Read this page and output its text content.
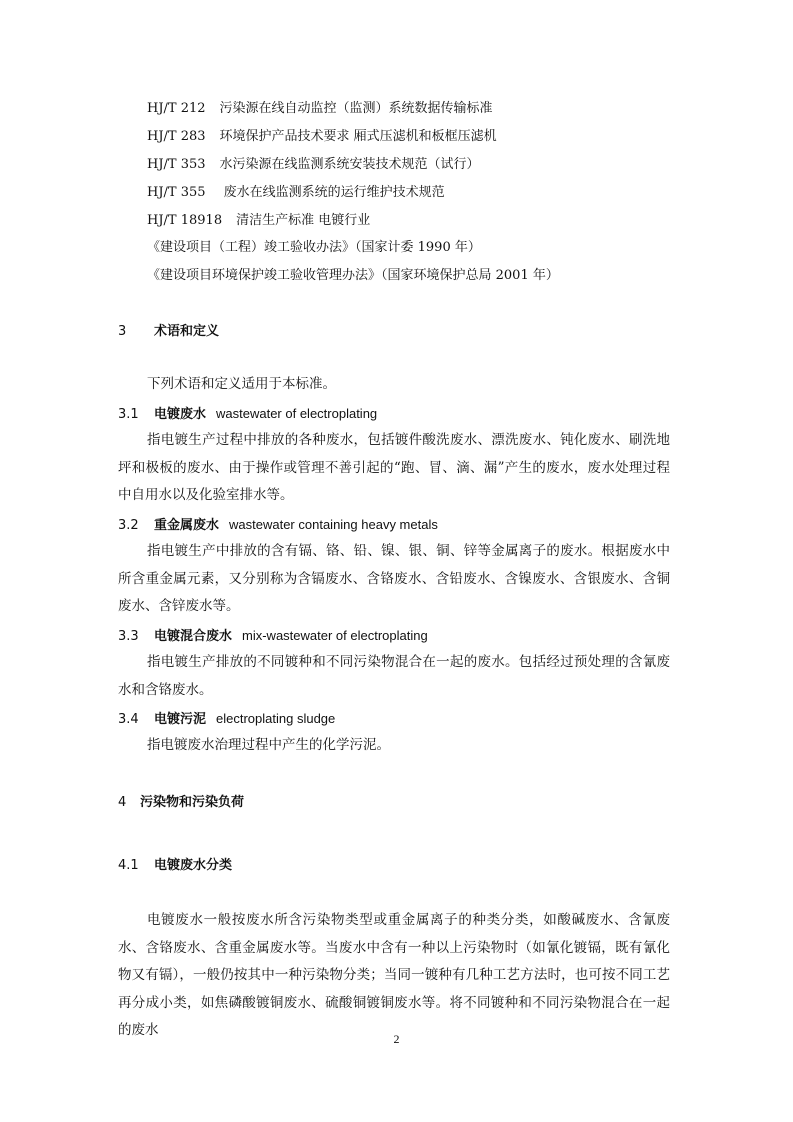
HJ/T 212 污染源在线自动监控（监测）系统数据传输标准
HJ/T 283 环境保护产品技术要求 厢式压滤机和板框压滤机
HJ/T 353 水污染源在线监测系统安装技术规范（试行）
HJ/T 355 废水在线监测系统的运行维护技术规范
HJ/T 18918 清洁生产标准 电镀行业
《建设项目（工程）竣工验收办法》（国家计委 1990 年）
《建设项目环境保护竣工验收管理办法》（国家环境保护总局 2001 年）
3 术语和定义

下列术语和定义适用于本标准。

3.1 电镀废水 wastewater of electroplating

指电镀生产过程中排放的各种废水，包括镀件酸洗废水、漂洗废水、钝化废水、刷洗地坪和极板的废水、由于操作或管理不善引起的“跑、冒、滴、漏”产生的废水，废水处理过程中自用水以及化验室排水等。

3.2 重金属废水 wastewater containing heavy metals

指电镀生产中排放的含有镉、铬、铅、镍、银、铜、锌等金属离子的废水。根据废水中所含重金属元素，又分别称为含镉废水、含铬废水、含铅废水、含镍废水、含银废水、含铜废水、含锌废水等。

3.3 电镀混合废水 mix-wastewater of electroplating

指电镀生产排放的不同镀种和不同污染物混合在一起的废水。包括经过预处理的含氰废水和含铬废水。

3.4 电镀污泥 electroplating sludge

指电镀废水治理过程中产生的化学污泥。

4 污染物和污染负荷
4.1 电镀废水分类

电镀废水一般按废水所含污染物类型或重金属离子的种类分类，如酸碱废水、含氰废水、含铬废水、含重金属废水等。当废水中含有一种以上污染物时（如氰化镀镉，既有氰化物又有镉），一般仍按其中一种污染物分类；当同一镀种有几种工艺方法时，也可按不同工艺再分成小类，如焦磷酸镀铜废水、硫酸铜镀铜废水等。将不同镀种和不同污染物混合在一起的废水

2
